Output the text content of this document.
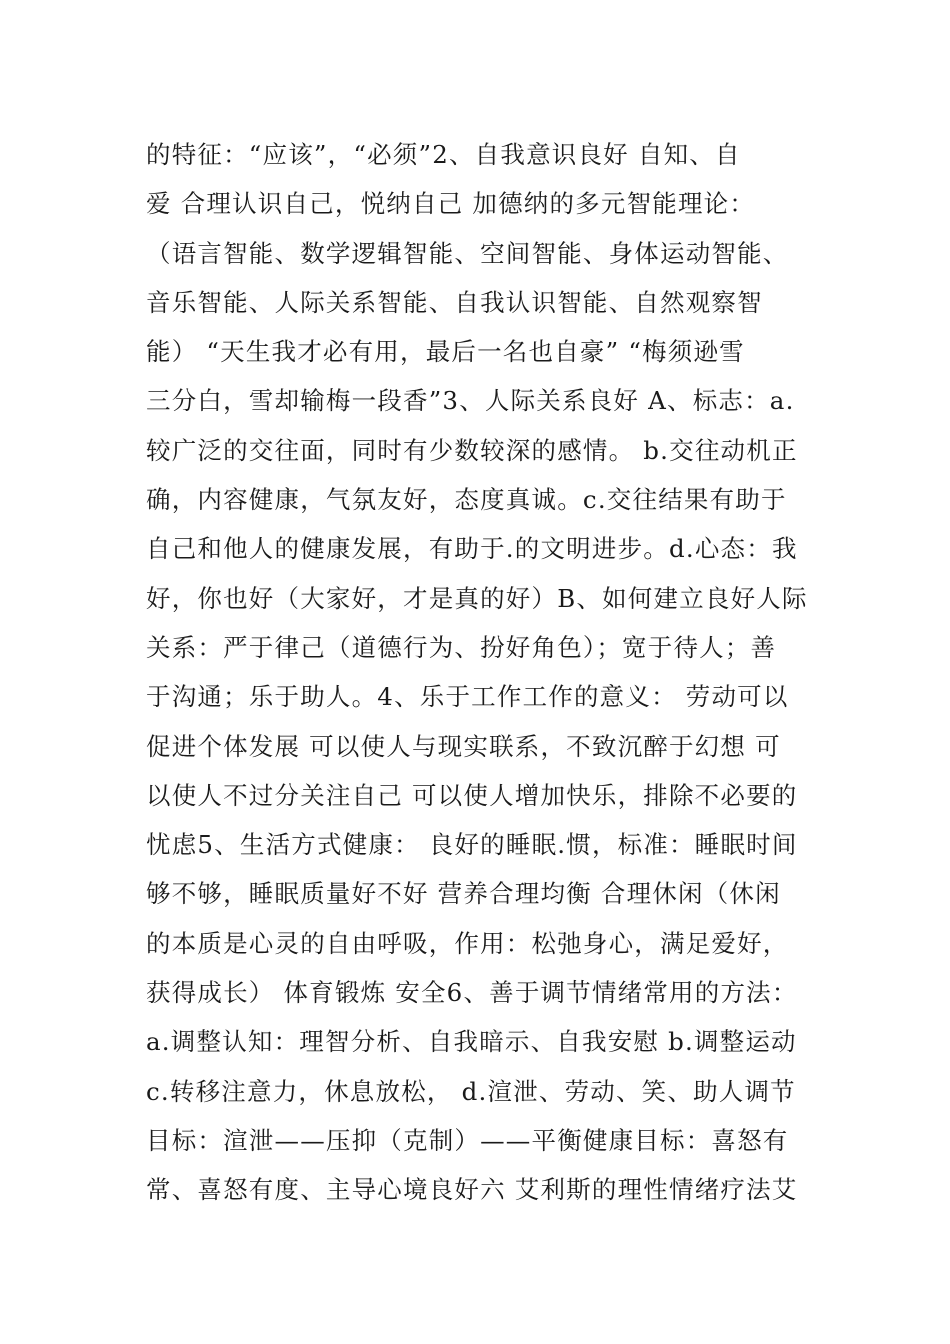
的特征：“应该”，“必须”2、自我意识良好 自知、自
爱 合理认识自己，悦纳自己 加德纳的多元智能理论：
（语言智能、数学逻辑智能、空间智能、身体运动智能、
音乐智能、人际关系智能、自我认识智能、自然观察智
能） “天生我才必有用，最后一名也自豪” “梅须逊雪
三分白，雪却输梅一段香”3、人际关系良好 A、标志：a.
较广泛的交往面，同时有少数较深的感情。 b.交往动机正
确，内容健康，气氛友好，态度真诚。c.交往结果有助于
自己和他人的健康发展，有助于.的文明进步。d.心态：我
好，你也好（大家好，才是真的好）B、如何建立良好人际
关系：严于律己（道德行为、扮好角色）；宽于待人；善
于沟通；乐于助人。4、乐于工作工作的意义： 劳动可以
促进个体发展 可以使人与现实联系，不致沉醉于幻想 可
以使人不过分关注自己 可以使人增加快乐，排除不必要的
忧虑5、生活方式健康： 良好的睡眠.惯，标准：睡眠时间
够不够，睡眠质量好不好 营养合理均衡 合理休闲（休闲
的本质是心灵的自由呼吸，作用：松弛身心，满足爱好，
获得成长） 体育锻炼 安全6、善于调节情绪常用的方法：
a.调整认知：理智分析、自我暗示、自我安慰 b.调整运动
c.转移注意力，休息放松， d.渲泄、劳动、笑、助人调节
目标：渲泄——压抑（克制）——平衡健康目标：喜怒有
常、喜怒有度、主导心境良好六 艾利斯的理性情绪疗法艾
